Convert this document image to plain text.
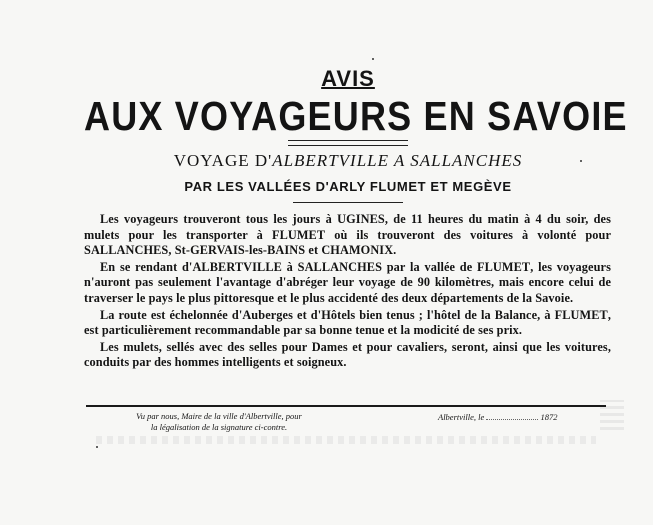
AVIS
AUX VOYAGEURS EN SAVOIE
VOYAGE D'ALBERTVILLE A SALLANCHES
PAR LES VALLÉES D'ARLY FLUMET ET MEGÈVE

Les voyageurs trouveront tous les jours à UGINES, de 11 heures du matin à 4 du soir, des mulets pour les transporter à FLUMET où ils trouveront des voitures à volonté pour SALLANCHES, St-GERVAIS-les-BAINS et CHAMONIX.

En se rendant d'ALBERTVILLE à SALLANCHES par la vallée de FLUMET, les voyageurs n'auront pas seulement l'avantage d'abréger leur voyage de 90 kilomètres, mais encore celui de traverser le pays le plus pittoresque et le plus accidenté des deux départements de la Savoie.

La route est échelonnée d'Auberges et d'Hôtels bien tenus ; l'hôtel de la Balance, à FLUMET, est particulièrement recommandable par sa bonne tenue et la modicité de ses prix.

Les mulets, sellés avec des selles pour Dames et pour cavaliers, seront, ainsi que les voitures, conduits par des hommes intelligents et soigneux.

Vu par nous, Maire de la ville d'Albertville, pour
la légalisation de la signature ci-contre.
Albertville, le	1872
